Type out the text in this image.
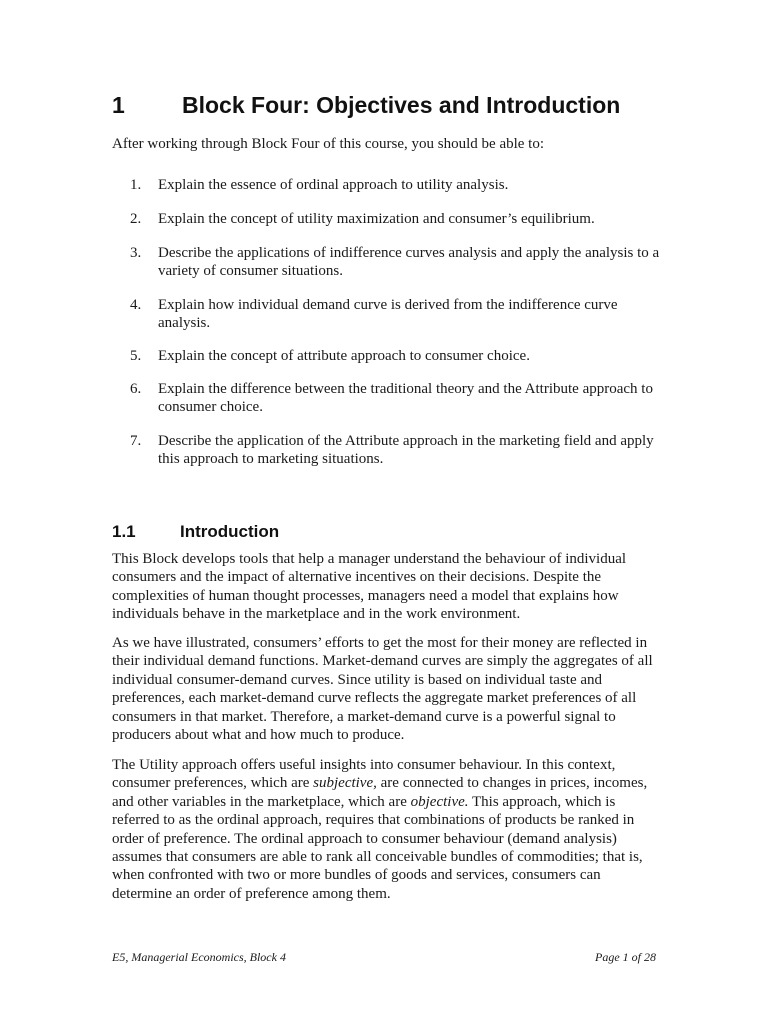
1 Block Four: Objectives and Introduction

After working through Block Four of this course, you should be able to:

1. Explain the essence of ordinal approach to utility analysis.
2. Explain the concept of utility maximization and consumer’s equilibrium.
3. Describe the applications of indifference curves analysis and apply the analysis to a variety of consumer situations.
4. Explain how individual demand curve is derived from the indifference curve analysis.
5. Explain the concept of attribute approach to consumer choice.
6. Explain the difference between the traditional theory and the Attribute approach to consumer choice.
7. Describe the application of the Attribute approach in the marketing field and apply this approach to marketing situations.
1.1	Introduction

This Block develops tools that help a manager understand the behaviour of individual consumers and the impact of alternative incentives on their decisions. Despite the complexities of human thought processes, managers need a model that explains how individuals behave in the marketplace and in the work environment.

As we have illustrated, consumers’ efforts to get the most for their money are reflected in their individual demand functions. Market-demand curves are simply the aggregates of all individual consumer-demand curves. Since utility is based on individual taste and preferences, each market-demand curve reflects the aggregate market preferences of all consumers in that market. Therefore, a market-demand curve is a powerful signal to producers about what and how much to produce.

The Utility approach offers useful insights into consumer behaviour. In this context, consumer preferences, which are subjective, are connected to changes in prices, incomes, and other variables in the marketplace, which are objective. This approach, which is referred to as the ordinal approach, requires that combinations of products be ranked in order of preference. The ordinal approach to consumer behaviour (demand analysis) assumes that consumers are able to rank all conceivable bundles of commodities; that is, when confronted with two or more bundles of goods and services, consumers can determine an order of preference among them.

E5, Managerial Economics, Block 4	Page 1 of 28
